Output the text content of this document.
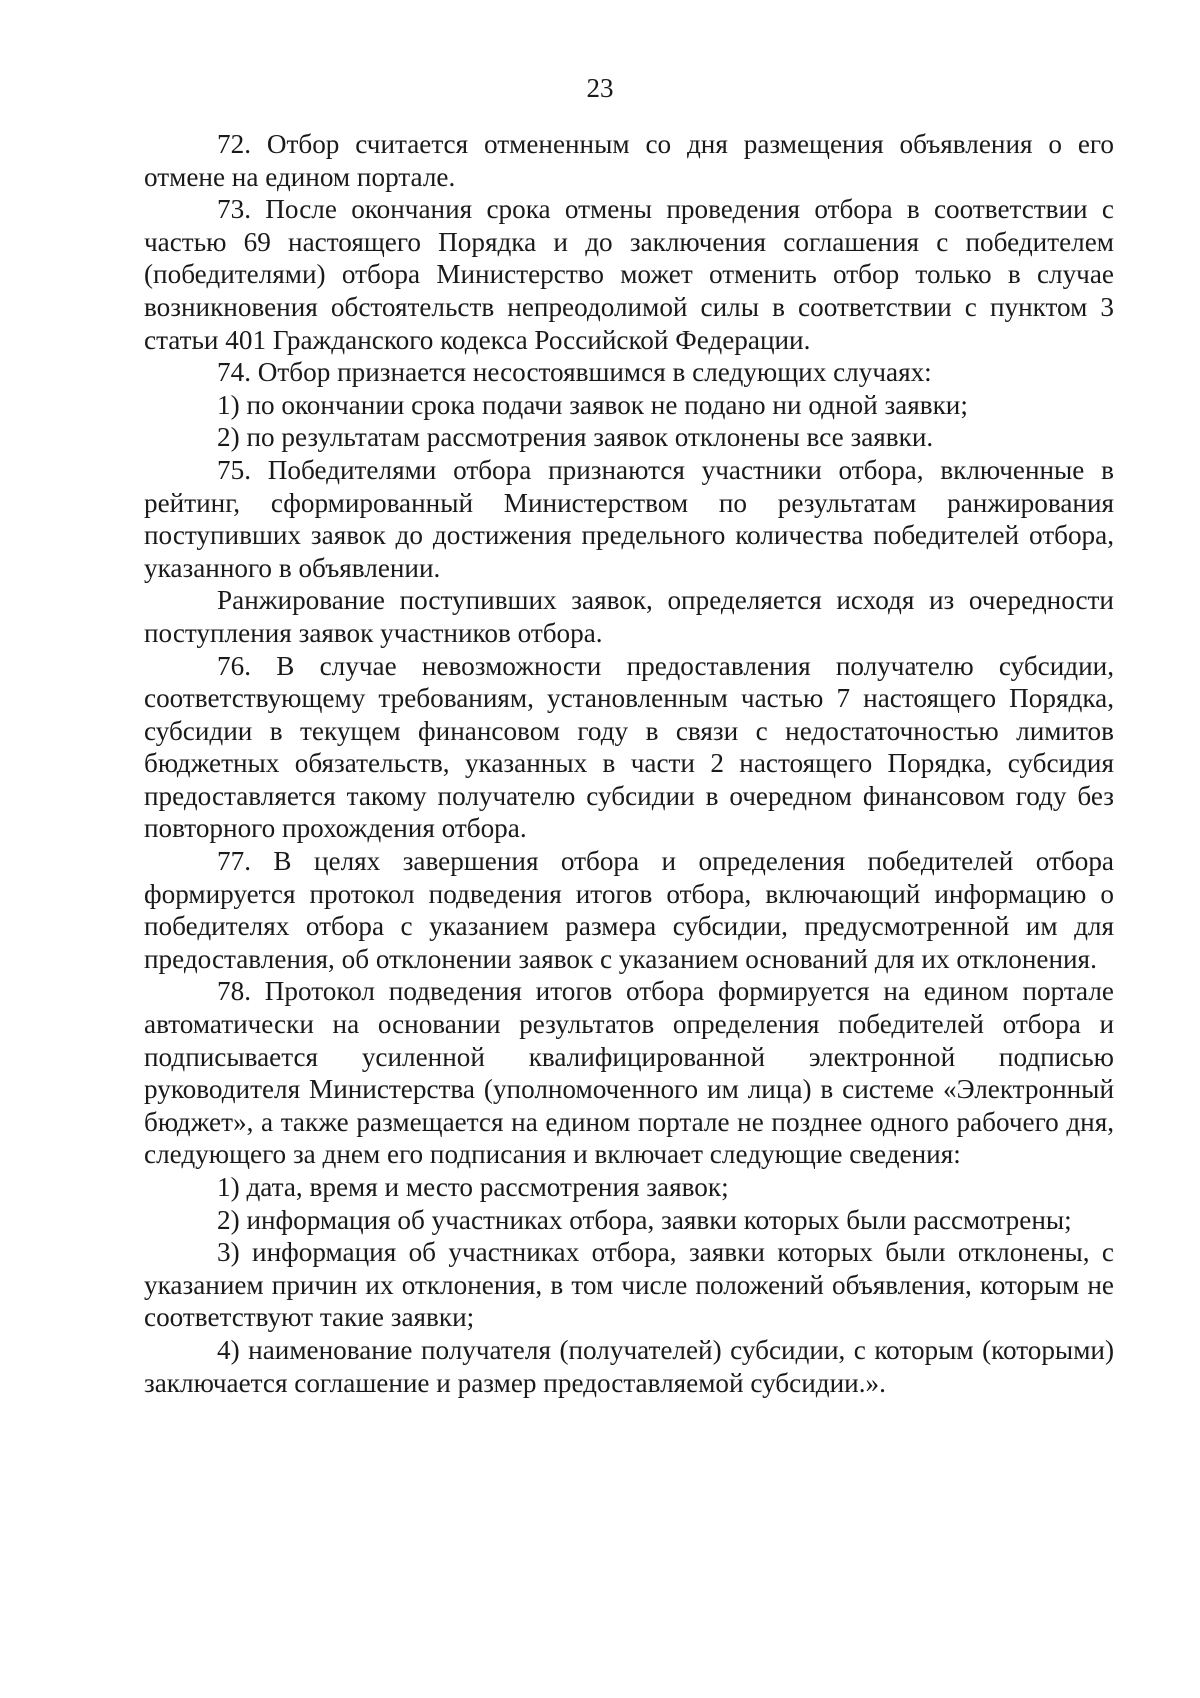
23

72. Отбор считается отмененным со дня размещения объявления о его отмене на едином портале.

73. После окончания срока отмены проведения отбора в соответствии с частью 69 настоящего Порядка и до заключения соглашения с победителем (победителями) отбора Министерство может отменить отбор только в случае возникновения обстоятельств непреодолимой силы в соответствии с пунктом 3 статьи 401 Гражданского кодекса Российской Федерации.

74. Отбор признается несостоявшимся в следующих случаях:

1) по окончании срока подачи заявок не подано ни одной заявки;

2) по результатам рассмотрения заявок отклонены все заявки.

75. Победителями отбора признаются участники отбора, включенные в рейтинг, сформированный Министерством по результатам ранжирования поступивших заявок до достижения предельного количества победителей отбора, указанного в объявлении.

Ранжирование поступивших заявок, определяется исходя из очередности поступления заявок участников отбора.

76. В случае невозможности предоставления получателю субсидии, соответствующему требованиям, установленным частью 7 настоящего Порядка, субсидии в текущем финансовом году в связи с недостаточностью лимитов бюджетных обязательств, указанных в части 2 настоящего Порядка, субсидия предоставляется такому получателю субсидии в очередном финансовом году без повторного прохождения отбора.

77. В целях завершения отбора и определения победителей отбора формируется протокол подведения итогов отбора, включающий информацию о победителях отбора с указанием размера субсидии, предусмотренной им для предоставления, об отклонении заявок с указанием оснований для их отклонения.

78. Протокол подведения итогов отбора формируется на едином портале автоматически на основании результатов определения победителей отбора и подписывается усиленной квалифицированной электронной подписью руководителя Министерства (уполномоченного им лица) в системе «Электронный бюджет», а также размещается на едином портале не позднее одного рабочего дня, следующего за днем его подписания и включает следующие сведения:

1) дата, время и место рассмотрения заявок;

2) информация об участниках отбора, заявки которых были рассмотрены;

3) информация об участниках отбора, заявки которых были отклонены, с указанием причин их отклонения, в том числе положений объявления, которым не соответствуют такие заявки;

4) наименование получателя (получателей) субсидии, с которым (которыми) заключается соглашение и размер предоставляемой субсидии.».
